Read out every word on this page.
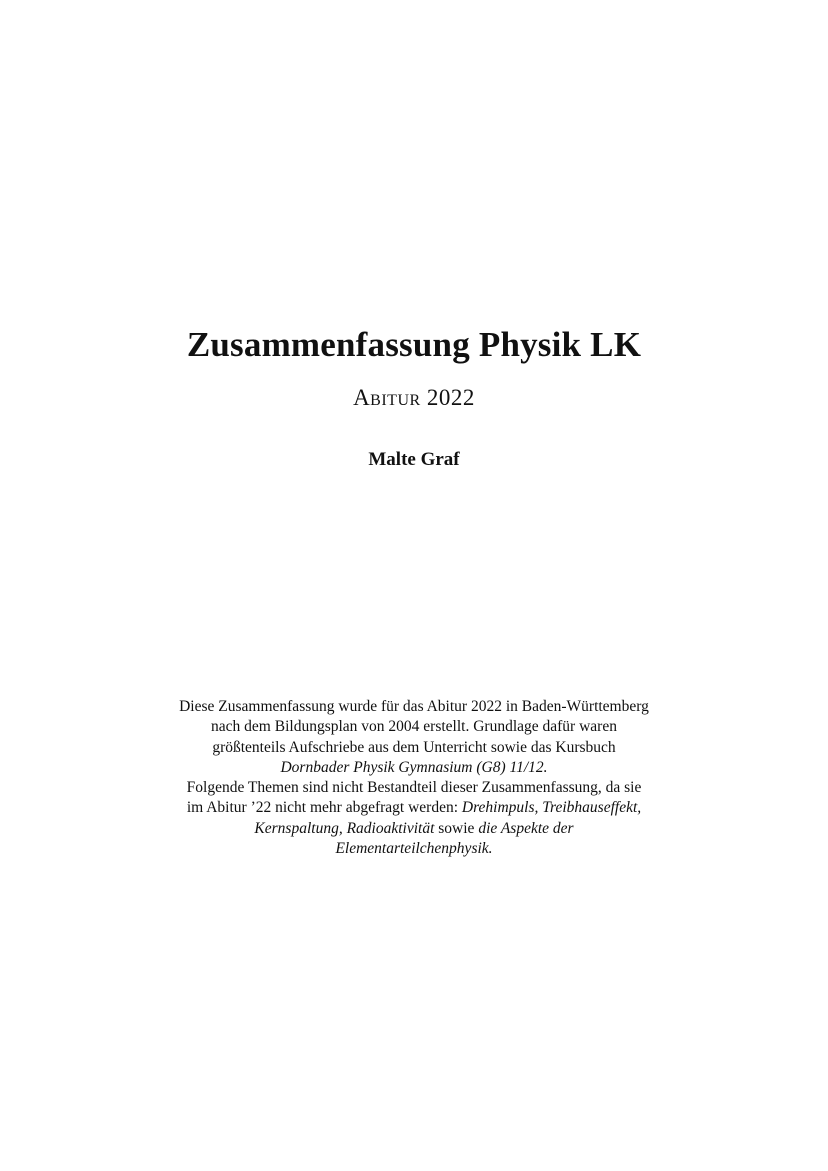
Zusammenfassung Physik LK
Abitur 2022
Malte Graf
Diese Zusammenfassung wurde für das Abitur 2022 in Baden-Württemberg
nach dem Bildungsplan von 2004 erstellt. Grundlage dafür waren
größtenteils Aufschriebe aus dem Unterricht sowie das Kursbuch
Dornbader Physik Gymnasium (G8) 11/12.
Folgende Themen sind nicht Bestandteil dieser Zusammenfassung, da sie
im Abitur ’22 nicht mehr abgefragt werden: Drehimpuls, Treibhauseffekt,
Kernspaltung, Radioaktivität sowie die Aspekte der
Elementarteilchenphysik.
